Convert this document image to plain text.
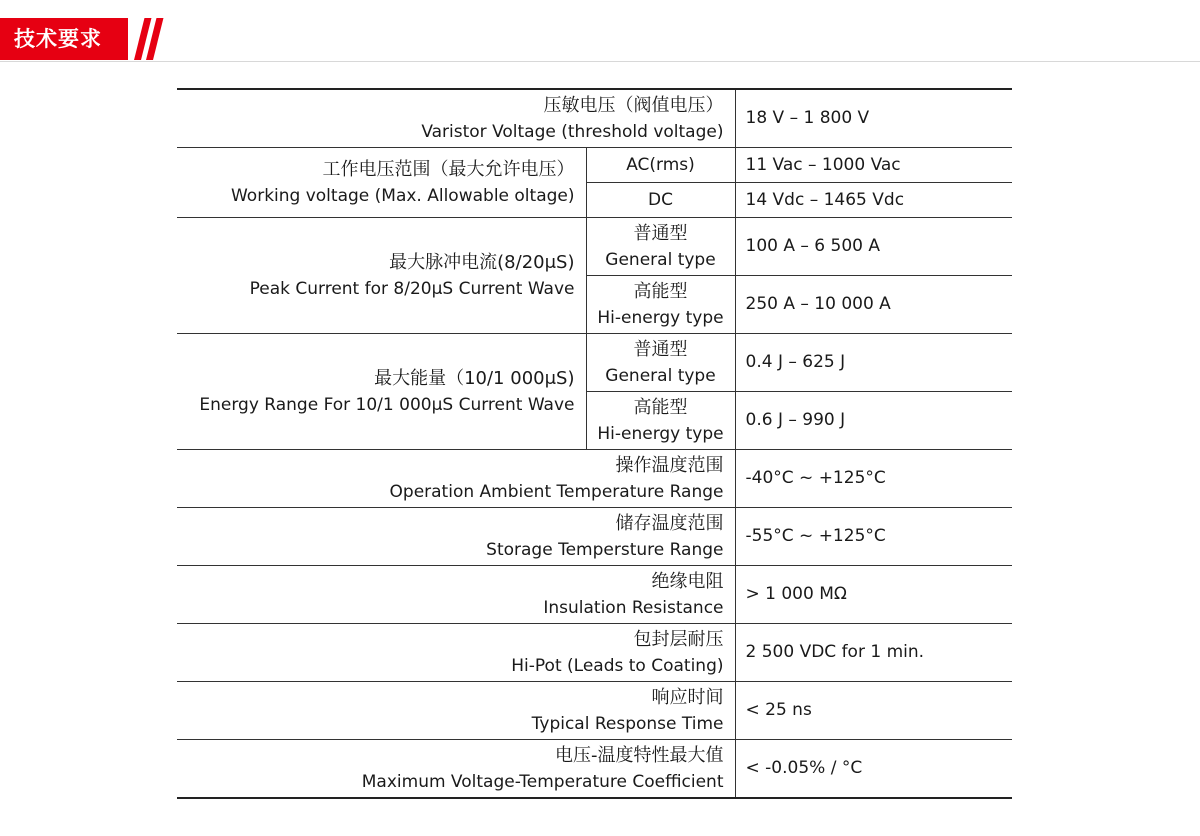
技术要求
压敏电压（阀值电压）
Varistor Voltage (threshold voltage)		18 V – 1 800 V

工作电压范围（最大允许电压）
Working voltage (Max. Allowable oltage)	AC(rms)	11 Vac – 1000 Vac
	DC	14 Vdc – 1465 Vdc

最大脉冲电流(8/20μS)
Peak Current for 8/20μS Current Wave	普通型
General type	100 A – 6 500 A

	高能型
Hi-energy type	250 A – 10 000 A

最大能量（10/1 000μS)
Energy Range For 10/1 000μS Current Wave	普通型
General type	0.4 J – 625 J

	高能型
Hi-energy type	0.6 J – 990 J

操作温度范围
Operation Ambient Temperature Range		-40°C ~ +125°C

储存温度范围
Storage Tempersture Range		-55°C ~ +125°C

绝缘电阻
Insulation Resistance		> 1 000 MΩ

包封层耐压
Hi-Pot (Leads to Coating)		2 500 VDC for 1 min.

响应时间
Typical Response Time		< 25 ns

电压-温度特性最大值
Maximum Voltage-Temperature Coefficient		< -0.05% / °C
